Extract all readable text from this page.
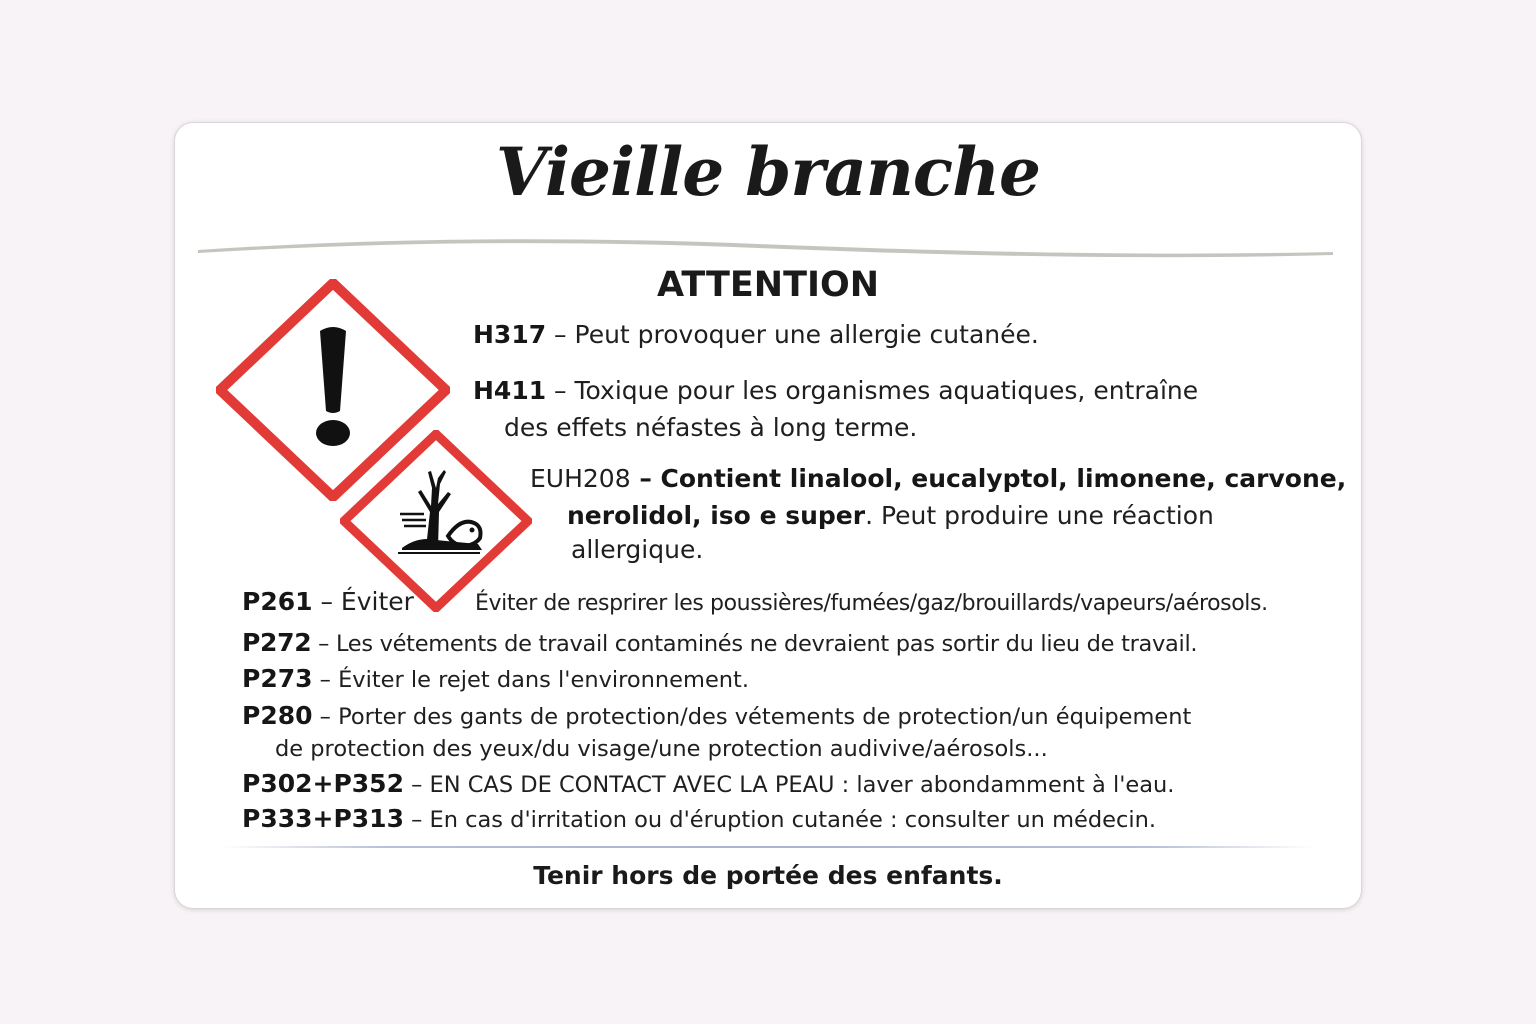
Vieille branche
ATTENTION
H317 – Peut provoquer une allergie cutanée.
H411 – Toxique pour les organismes aquatiques, entraîne
des effets néfastes à long terme.
EUH208 – Contient linalool, eucalyptol, limonene, carvone,
nerolidol, iso e super. Peut produire une réaction
allergique.
P261 – Éviter	Éviter de resprirer les poussières/fumées/gaz/brouillards/vapeurs/aérosols.
P272 – Les vétements de travail contaminés ne devraient pas sortir du lieu de travail.
P273 – Éviter le rejet dans l'environnement.
P280 – Porter des gants de protection/des vétements de protection/un équipement
de protection des yeux/du visage/une protection audivive/aérosols...
P302+P352 – EN CAS DE CONTACT AVEC LA PEAU : laver abondamment à l'eau.
P333+P313 – En cas d'irritation ou d'éruption cutanée : consulter un médecin.
Tenir hors de portée des enfants.
